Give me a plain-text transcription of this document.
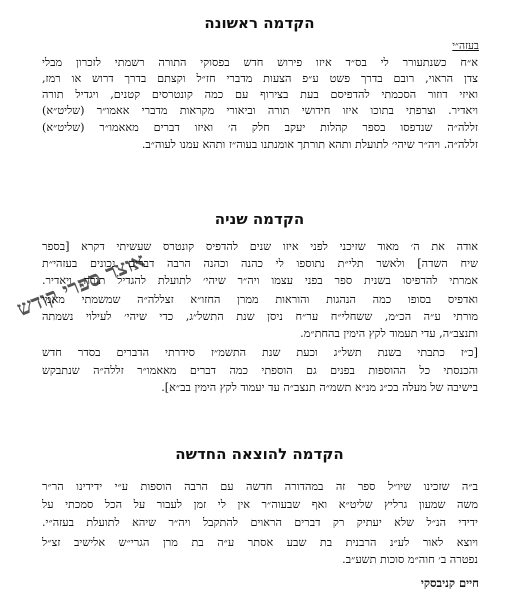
הקדמה ראשונה
בעזה״י
א״ח כשנתעורר לי בס״ד איזו פירוש חדש בפסוקי התורה רשמתי לזכרון מבלי
צדן הראוי, רובם בדרך פשט ע״פ הצעות מדברי חז״ל וקצתם בדרך דרוש או רמז,
ואיזי דוזור הסכמתי להדפיסם בעת בצירוף עם כמה קונטרסים קטנים, ויגדיל תורה
ויאדיר. וצרפתי בתוכו איזו חידושי תורה וביאורי מקראות מדברי אאמו״ר (שליט״א)
זללה״ה שנדפסו בספר קהלות יעקב חלק ה׳ ואיזו דברים מאאמו״ר (שליט״א)
זללה״ה. ויה״ר שיהי׳ לתועלת ותהא תורתך אומנתנו בעוה״ז ותהא עמנו לעוה״ב.
אוצר ספרי קודש
הקדמה שניה
אודה את ה׳ מאוד שזיכני לפני איזו שנים להדפיס קונטרס שעשיתי דקרא [בספר
שיח השדה] ולאשר תלי״ת נתוספו לי כהנה וכהנה הרבה דברים נכונים בעזהי״ת
אמרתי להדפיסו בשנית ספר בפני עצמו ויה״ר שיהי׳ לתועלת להגדיל תורה ויאדיר.
ואדפיס בסופו כמה הנהגות והוראות ממרן החזו״א זצללה״ה שמשמתי מאמי
מורתי ע״ה הכ״מ, ששחלי״ח ער״ח ניסן שנת התשל״ג, כדי שיהי׳ לעילוי נשמתה
ותנצב״ה, עדי תעמוד לקץ הימין בהחת״מ.
[כ״ז כתבתי בשנת תשל״ג וכעת שנת התשמ״ז סידרתי הדברים בסדר חדש
והכנסתי כל ההוספות בפנים גם הוספתי כמה דברים מאאמו״ר זללה״ה שנתבקש
בישיבה של מעלה בכ״ג מנ״א תשמ״ה תנצב״ה עד יעמוד לקץ הימין בב״א].
הקדמה להוצאה החדשה
ב״ה שזכינו שיו״ל ספר זה במהדורה חדשה עם הרבה הוספות ע״י ידידינו הר״ר
משה שמעון גרליץ שליט״א ואף שבעוה״ר אין לי זמן לעבור על הכל סמכתי על
ידידי הנ״ל שלא יעתיק רק דברים הראוים להתקבל ויה״ר שיהא לתועלת בעזה״י.
ויוצא לאור לע״נ הרבנית בת שבע אסתר ע״ה בת מרן הגרי״ש אלישיב זצ״ל
נפטרה ב׳ חוה״מ סוכות תשע״ב.
חיים קניבסקי
